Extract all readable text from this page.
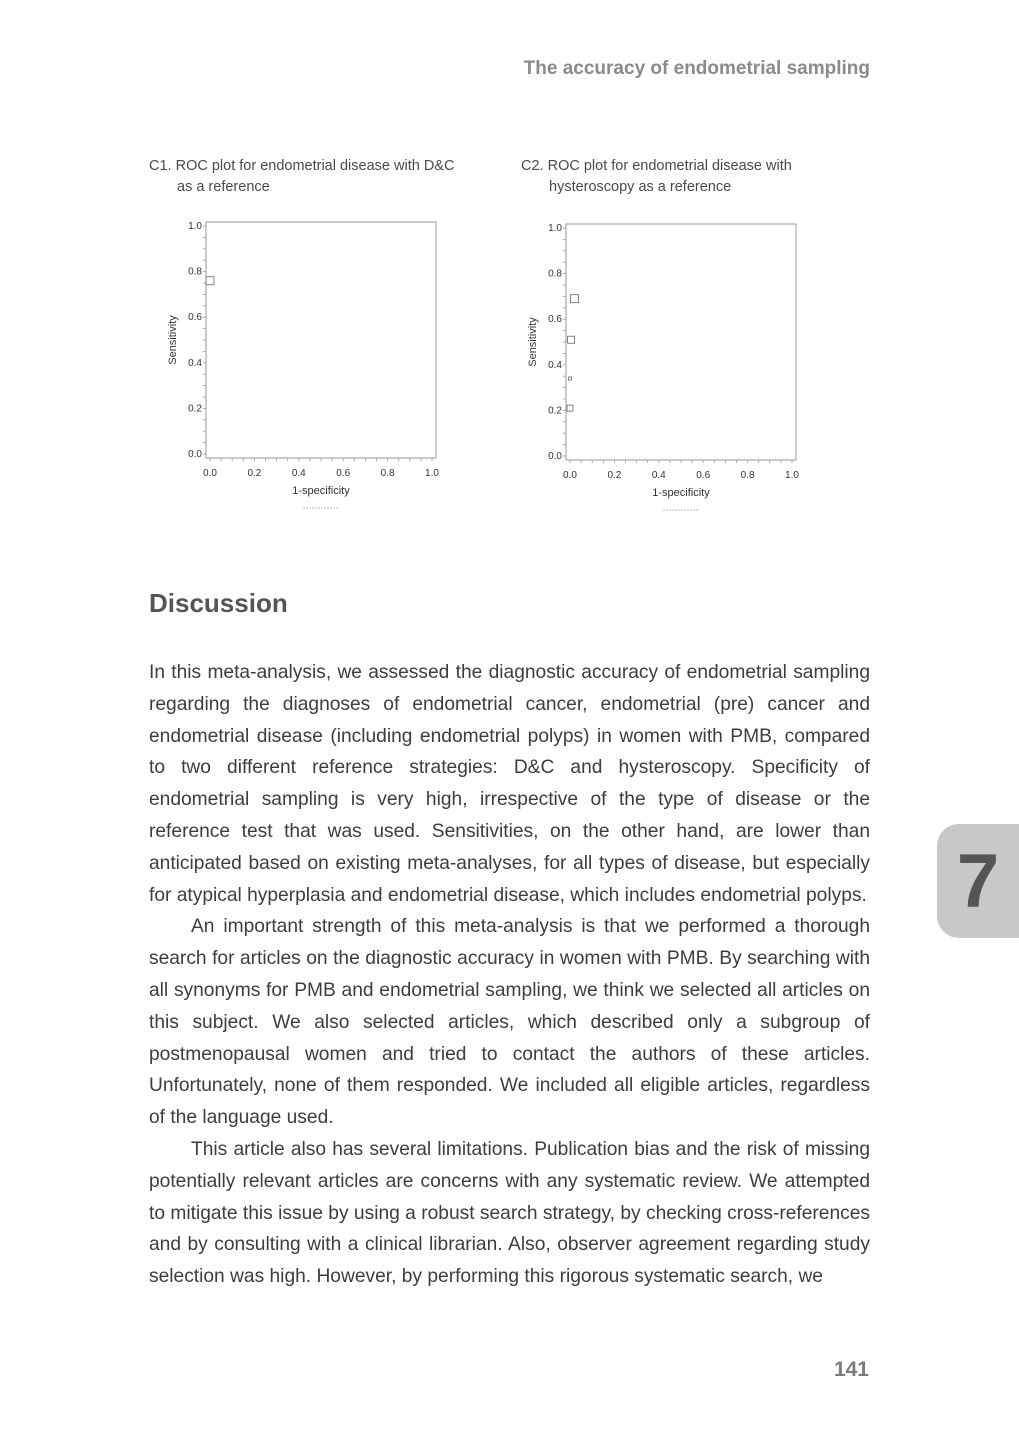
The accuracy of endometrial sampling
C1. ROC plot for endometrial disease with D&C
as a reference
0.0	0.2	0.4	0.6	0.8	1.0
0.0
0.2
0.4
0.6
0.8
1.0
1-specificity
Sensitivity
C2. ROC plot for endometrial disease with
hysteroscopy as a reference
0.0	0.2	0.4	0.6	0.8	1.0
0.0
0.2
0.4
0.6
0.8
1.0
1-specificity
Sensitivity
Discussion

In this meta-analysis, we assessed the diagnostic accuracy of endometrial sampling regarding the diagnoses of endometrial cancer, endometrial (pre) cancer and endometrial disease (including endometrial polyps) in women with PMB, compared to two different reference strategies: D&C and hysteroscopy. Specificity of endometrial sampling is very high, irrespective of the type of disease or the reference test that was used. Sensitivities, on the other hand, are lower than anticipated based on existing meta-analyses, for all types of disease, but especially for atypical hyperplasia and endometrial disease, which includes endometrial polyps.

An important strength of this meta-analysis is that we performed a thorough search for articles on the diagnostic accuracy in women with PMB. By searching with all synonyms for PMB and endometrial sampling, we think we selected all articles on this subject. We also selected articles, which described only a subgroup of postmenopausal women and tried to contact the authors of these articles. Unfortunately, none of them responded. We included all eligible articles, regardless of the language used.

This article also has several limitations. Publication bias and the risk of missing potentially relevant articles are concerns with any systematic review. We attempted to mitigate this issue by using a robust search strategy, by checking cross-references and by consulting with a clinical librarian. Also, observer agreement regarding study selection was high. However, by performing this rigorous systematic search, we

7
141
